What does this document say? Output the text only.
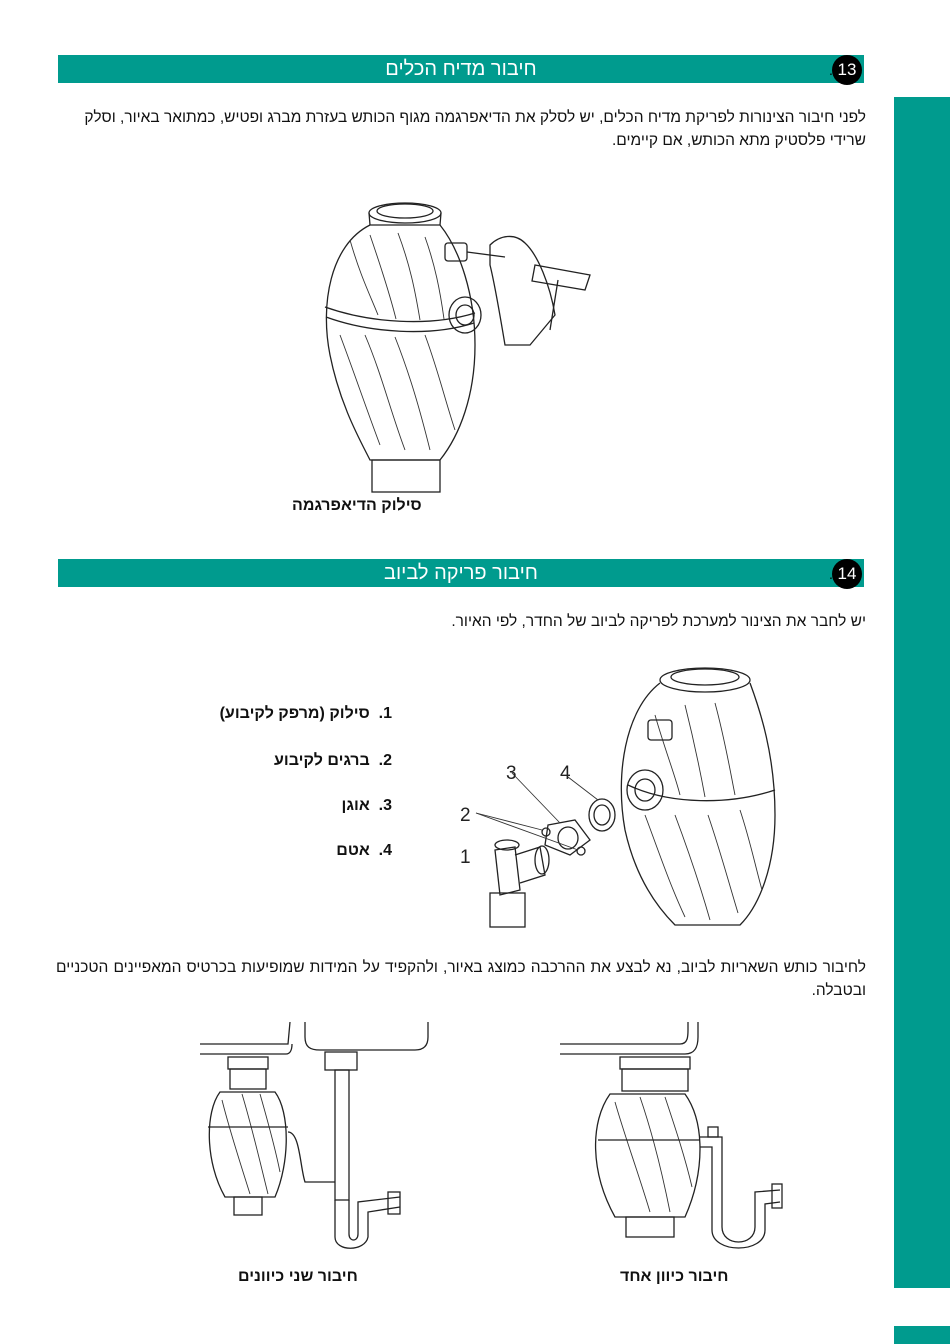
חיבור מדיח הכלים	13
.
לפני חיבור הצינורות לפריקת מדיח הכלים, יש לסלק את הדיאפרגמה מגוף הכותש בעזרת מברג ופטיש, כמתואר באיור, וסלק שרידי פלסטיק מתא הכותש, אם קיימים.
סילוק הדיאפרגמה
חיבור פריקה לביוב	14
.
יש לחבר את הצינור למערכת לפריקה לביוב של החדר, לפי האיור.
1.  סילוק (מרפק לקיבוע)
2.  ברגים לקיבוע
3.  אוגן
4.  אטם
3 4
2
1
לחיבור כותש השאריות לביוב, נא לבצע את ההרכבה כמוצג באיור, ולהקפיד על המידות שמופיעות בכרטיס המאפיינים הטכניים ובטבלה.
חיבור שני כיוונים	חיבור כיוון אחד
